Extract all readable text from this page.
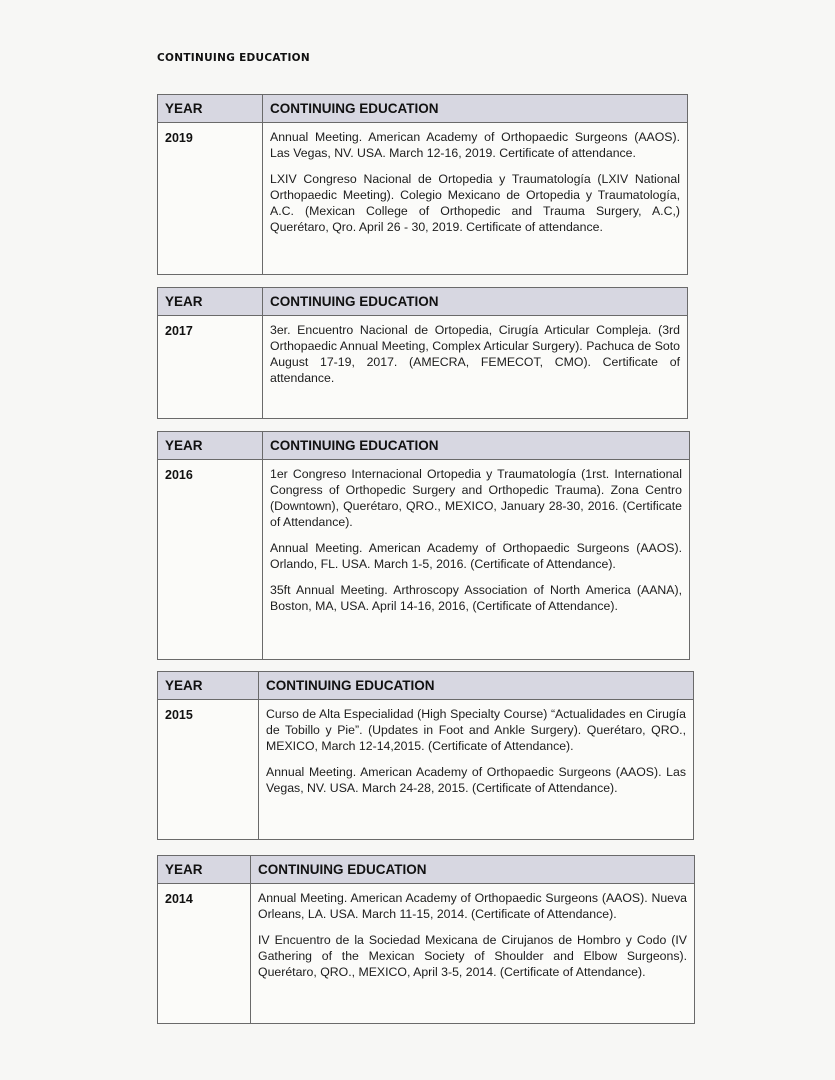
CONTINUING EDUCATION
YEAR	CONTINUING EDUCATION
2019	Annual Meeting. American Academy of Orthopaedic Surgeons (AAOS). Las Vegas, NV. USA. March 12-16, 2019. Certificate of attendance.

LXIV Congreso Nacional de Ortopedia y Traumatología (LXIV National Orthopaedic Meeting). Colegio Mexicano de Ortopedia y Traumatología, A.C. (Mexican College of Orthopedic and Trauma Surgery, A.C,) Querétaro, Qro. April 26 - 30, 2019. Certificate of attendance.

YEAR	CONTINUING EDUCATION
2017	3er. Encuentro Nacional de Ortopedia, Cirugía Articular Compleja. (3rd Orthopaedic Annual Meeting, Complex Articular Surgery). Pachuca de Soto August 17-19, 2017. (AMECRA, FEMECOT, CMO). Certificate of attendance.

YEAR	CONTINUING EDUCATION
2016	1er Congreso Internacional Ortopedia y Traumatología (1rst. International Congress of Orthopedic Surgery and Orthopedic Trauma). Zona Centro (Downtown), Querétaro, QRO., MEXICO, January 28-30, 2016. (Certificate of Attendance).

Annual Meeting. American Academy of Orthopaedic Surgeons (AAOS). Orlando, FL. USA. March 1-5, 2016. (Certificate of Attendance).

35ft Annual Meeting. Arthroscopy Association of North America (AANA), Boston, MA, USA. April 14-16, 2016, (Certificate of Attendance).

YEAR	CONTINUING EDUCATION
2015	Curso de Alta Especialidad (High Specialty Course) “Actualidades en Cirugía de Tobillo y Pie”. (Updates in Foot and Ankle Surgery). Querétaro, QRO., MEXICO, March 12-14,2015. (Certificate of Attendance).

Annual Meeting. American Academy of Orthopaedic Surgeons (AAOS). Las Vegas, NV. USA. March 24-28, 2015. (Certificate of Attendance).

YEAR	CONTINUING EDUCATION
2014	Annual Meeting. American Academy of Orthopaedic Surgeons (AAOS). Nueva Orleans, LA. USA. March 11-15, 2014. (Certificate of Attendance).

IV Encuentro de la Sociedad Mexicana de Cirujanos de Hombro y Codo (IV Gathering of the Mexican Society of Shoulder and Elbow Surgeons). Querétaro, QRO., MEXICO, April 3-5, 2014. (Certificate of Attendance).
